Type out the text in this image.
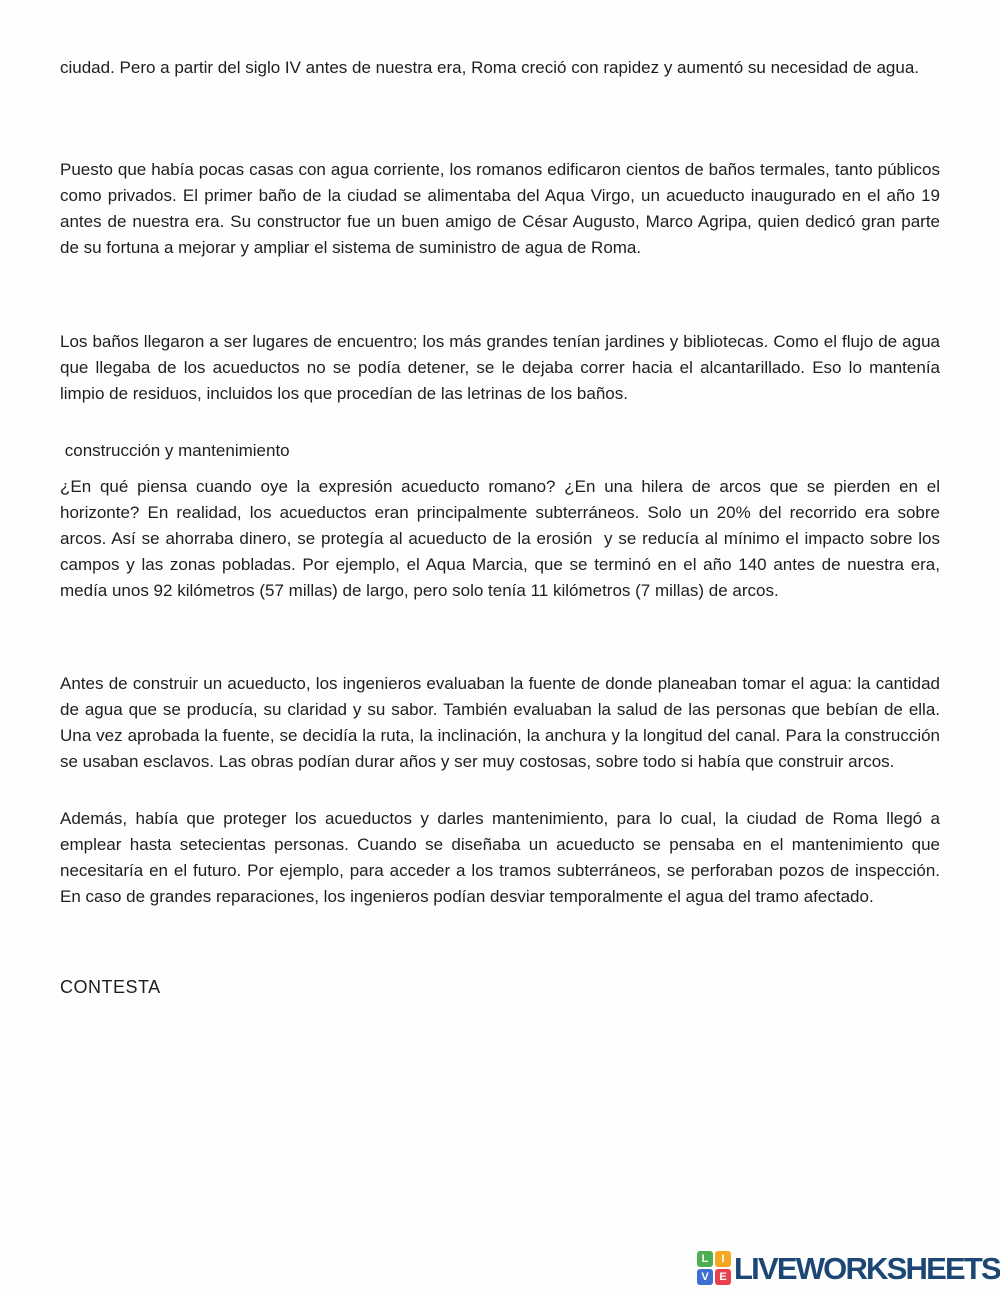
ciudad. Pero a partir del siglo IV antes de nuestra era, Roma creció con rapidez y aumentó su necesidad de agua.

Puesto que había pocas casas con agua corriente, los romanos edificaron cientos de baños termales, tanto públicos como privados. El primer baño de la ciudad se alimentaba del Aqua Virgo, un acueducto inaugurado en el año 19 antes de nuestra era. Su constructor fue un buen amigo de César Augusto, Marco Agripa, quien dedicó gran parte de su fortuna a mejorar y ampliar el sistema de suministro de agua de Roma.

Los baños llegaron a ser lugares de encuentro; los más grandes tenían jardines y bibliotecas. Como el flujo de agua que llegaba de los acueductos no se podía detener, se le dejaba correr hacia el alcantarillado. Eso lo mantenía limpio de residuos, incluidos los que procedían de las letrinas de los baños.

construcción y mantenimiento

¿En qué piensa cuando oye la expresión acueducto romano? ¿En una hilera de arcos que se pierden en el horizonte? En realidad, los acueductos eran principalmente subterráneos. Solo un 20% del recorrido era sobre arcos. Así se ahorraba dinero, se protegía al acueducto de la erosión  y se reducía al mínimo el impacto sobre los campos y las zonas pobladas. Por ejemplo, el Aqua Marcia, que se terminó en el año 140 antes de nuestra era, medía unos 92 kilómetros (57 millas) de largo, pero solo tenía 11 kilómetros (7 millas) de arcos.

Antes de construir un acueducto, los ingenieros evaluaban la fuente de donde planeaban tomar el agua: la cantidad de agua que se producía, su claridad y su sabor. También evaluaban la salud de las personas que bebían de ella. Una vez aprobada la fuente, se decidía la ruta, la inclinación, la anchura y la longitud del canal. Para la construcción se usaban esclavos. Las obras podían durar años y ser muy costosas, sobre todo si había que construir arcos.

Además, había que proteger los acueductos y darles mantenimiento, para lo cual, la ciudad de Roma llegó a emplear hasta setecientas personas. Cuando se diseñaba un acueducto se pensaba en el mantenimiento que necesitaría en el futuro. Por ejemplo, para acceder a los tramos subterráneos, se perforaban pozos de inspección. En caso de grandes reparaciones, los ingenieros podían desviar temporalmente el agua del tramo afectado.

CONTESTA
L	I
V E LIVEWORKSHEETS
